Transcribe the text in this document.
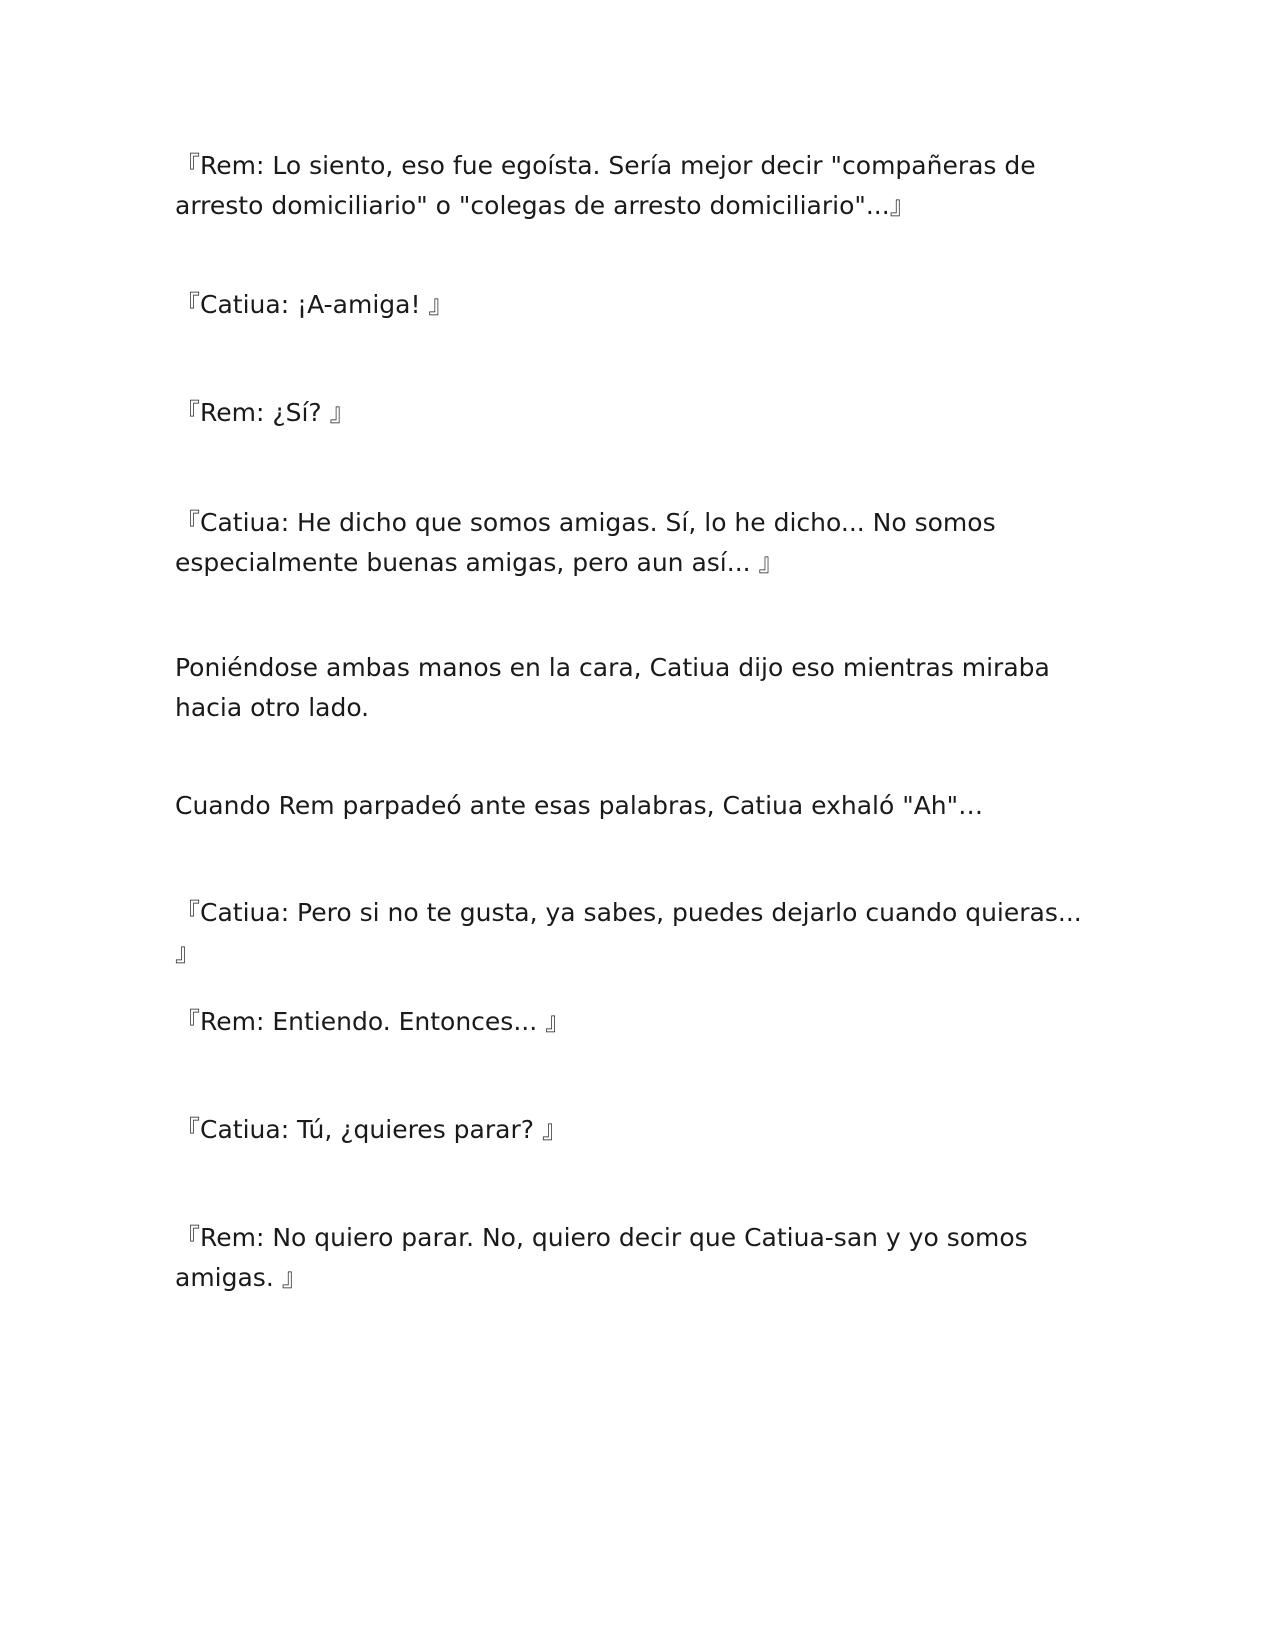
『Rem: Lo siento, eso fue egoísta. Sería mejor decir "compañeras de arresto domiciliario" o "colegas de arresto domiciliario"...』

『Catiua: ¡A-amiga! 』

『Rem: ¿Sí? 』

『Catiua: He dicho que somos amigas. Sí, lo he dicho... No somos especialmente buenas amigas, pero aun así... 』

Poniéndose ambas manos en la cara, Catiua dijo eso mientras miraba hacia otro lado.

Cuando Rem parpadeó ante esas palabras, Catiua exhaló "Ah"…

『Catiua: Pero si no te gusta, ya sabes, puedes dejarlo cuando quieras... 』

『Rem: Entiendo. Entonces... 』

『Catiua: Tú, ¿quieres parar? 』

『Rem: No quiero parar. No, quiero decir que Catiua-san y yo somos amigas. 』
